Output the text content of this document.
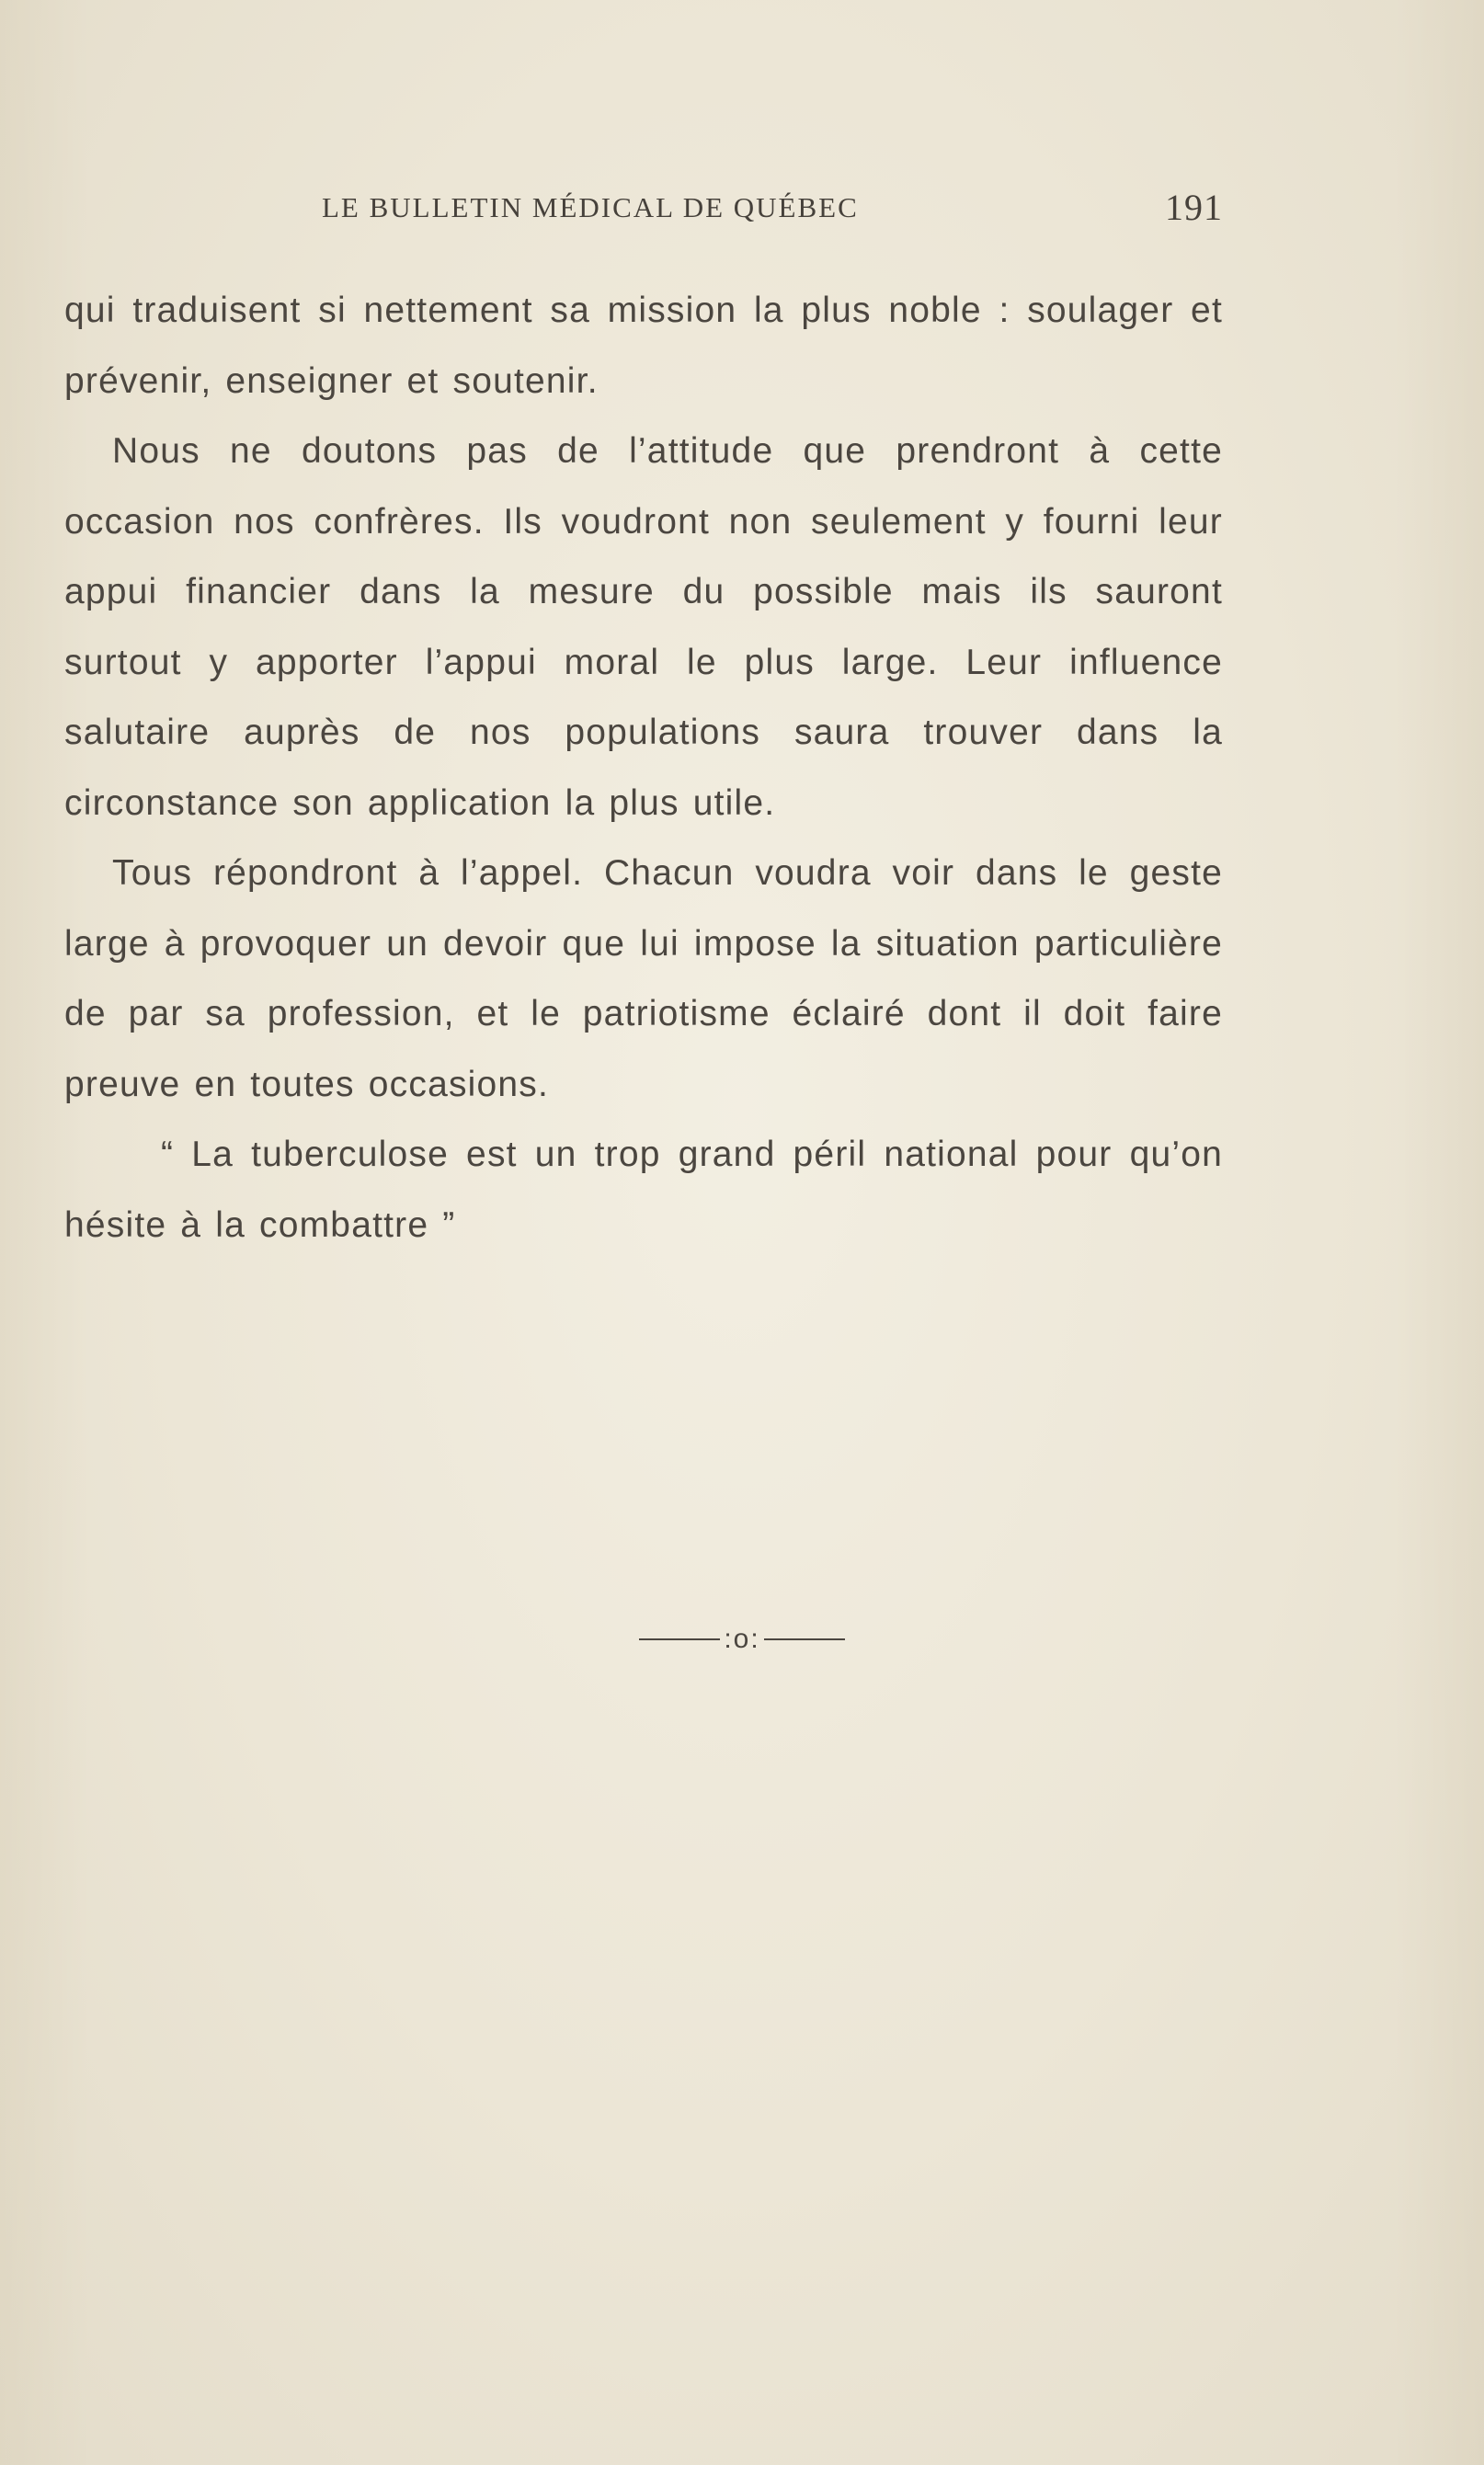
LE BULLETIN MÉDICAL DE QUÉBEC	191

qui traduisent si nettement sa mission la plus noble : soulager et prévenir, enseigner et soutenir.

Nous ne doutons pas de l’attitude que prendront à cette occasion nos confrères. Ils voudront non seulement y fourni leur appui financier dans la mesure du possible mais ils sauront surtout y apporter l’appui moral le plus large. Leur influence salutaire auprès de nos populations saura trouver dans la circonstance son application la plus utile.

Tous répondront à l’appel. Chacun voudra voir dans le geste large à provoquer un devoir que lui impose la situation particulière de par sa profession, et le patriotisme éclairé dont il doit faire preuve en toutes occasions.

“ La tuberculose est un trop grand péril national pour qu’on hésite à la combattre ”

:o:
